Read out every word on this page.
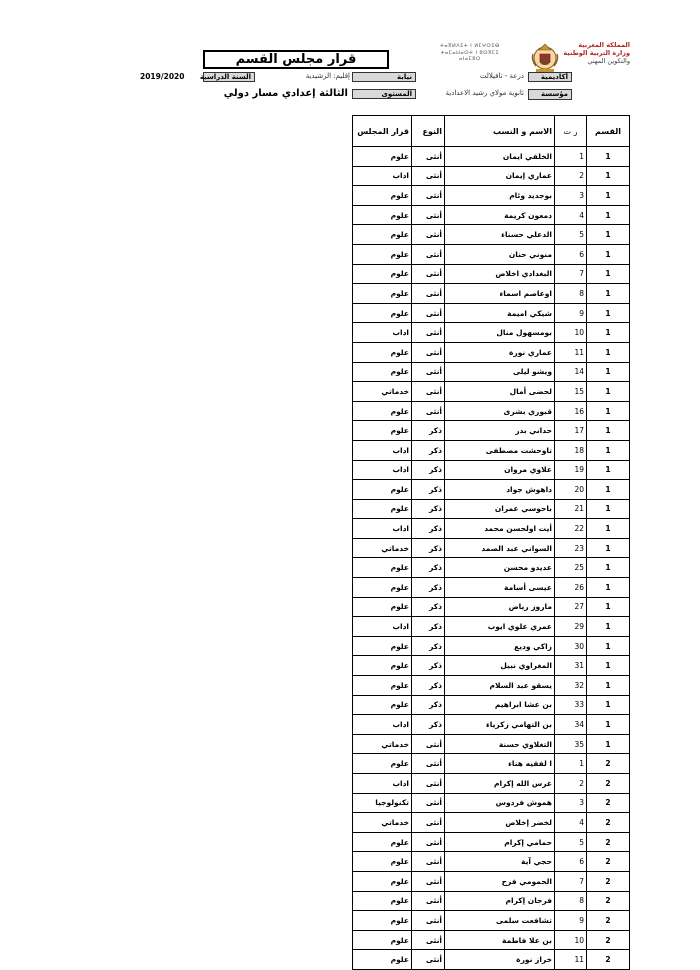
المملكة المغربية
وزارة التربية الوطنية
والتكوين المهني
ⵜⴰⴳⵍⴷⵉⵜ ⵏ ⵍⵎⵖⵔⵉⴱ
ⵜⴰⵎⴰⵡⴰⵙⵜ ⵏ ⵓⵙⴳⵎⵉ
ⴰⵏⴰⵎⵓⵔ
قرار مجلس القسم
أكاديمية
درعة - تافيلالت
نيابة
إقليم: الرشيدية
السنة الدراسية
2019/2020
مؤسسة
ثانوية مولاي رشيد الاعدادية
المستوى
الثالثة إعدادي مسار دولي
القسم	ر ت	الاسم و النسب	النوع	قرار المجلس
1	1	الخلفي ايمان	أنثى	علوم
1	2	عماري إيمان	أنثى	اداب
1	3	بوجديد وئام	أنثى	علوم
1	4	دمعون كريمة	أنثى	علوم
1	5	الدعلي حسناء	أنثى	علوم
1	6	منوني حنان	أنثى	علوم
1	7	البغدادي اخلاص	أنثى	علوم
1	8	اوعاصم اسماء	أنثى	علوم
1	9	شيكي اميمة	أنثى	علوم
1	10	بومسهول منال	أنثى	اداب
1	11	عماري نورة	أنثى	علوم
1	14	ويشو ليلى	أنثى	علوم
1	15	لحضى أمال	أنثى	خدماتي
1	16	قبوري بشرى	أنثى	علوم
1	17	حداني بدر	ذكر	علوم
1	18	تاوحشت مصطفى	ذكر	اداب
1	19	علاوي مروان	ذكر	اداب
1	20	داهوش جواد	ذكر	علوم
1	21	باحوسي عمران	ذكر	علوم
1	22	أيت اولحسن محمد	ذكر	اداب
1	23	السواني عبد الصمد	ذكر	خدماتي
1	25	عديدو محسن	ذكر	علوم
1	26	عيسى أسامة	ذكر	علوم
1	27	ماروز رياض	ذكر	علوم
1	29	عمري علوي ايوب	ذكر	اداب
1	30	زاكي وديع	ذكر	علوم
1	31	المغراوي نبيل	ذكر	علوم
1	32	يسقو عبد السلام	ذكر	علوم
1	33	بن عشا ابراهيم	ذكر	علوم
1	34	بن التهامي زكرياء	ذكر	اداب
1	35	التغلاوي حسنة	أنثى	خدماتي
2	1	ا لفقيه هناء	أنثى	علوم
2	2	غرس الله إكرام	أنثى	اداب
2	3	هموش فردوس	أنثى	تكنولوجيا
2	4	لخضر إخلاص	أنثى	خدماتي
2	5	حمامي إكرام	أنثى	علوم
2	6	حجي آية	أنثى	علوم
2	7	الحمومي فرح	أنثى	علوم
2	8	فرحان إكرام	أنثى	علوم
2	9	تشافعت سلمى	أنثى	علوم
2	10	بن علا فاطمة	أنثى	علوم
2	11	خراز نورة	أنثى	علوم
